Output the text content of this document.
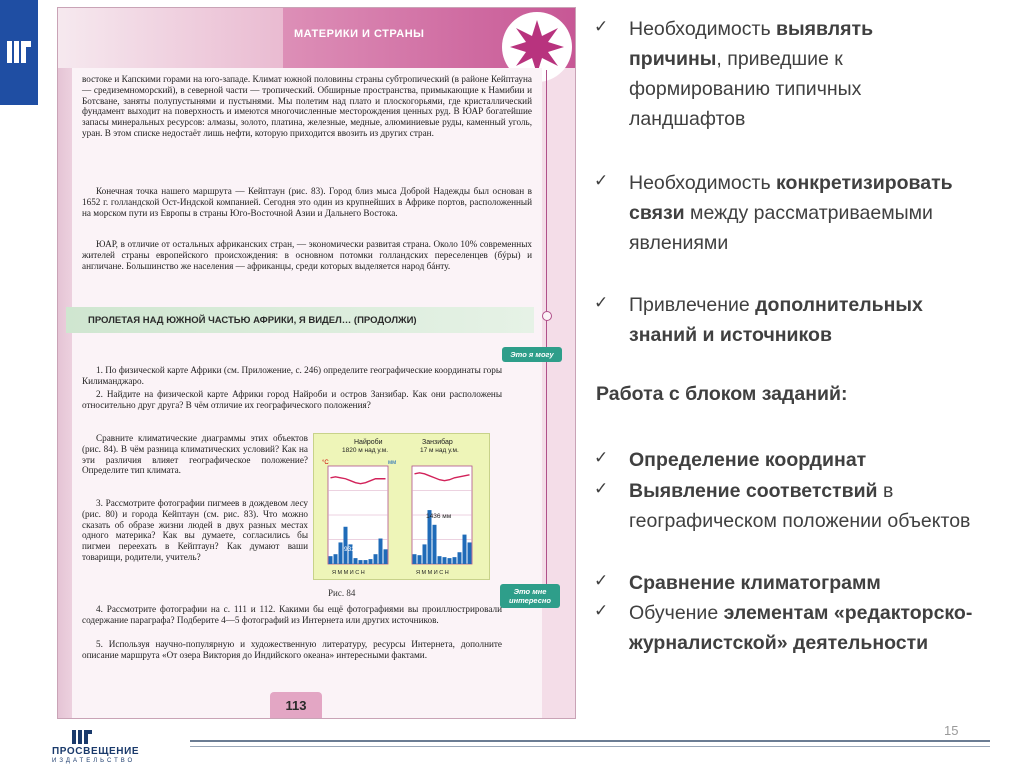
МАТЕРИКИ И СТРАНЫ
востоке и Капскими горами на юго-западе. Климат южной половины страны субтропический (в районе Кейптауна — средиземноморский), в северной части — тропический. Обширные пространства, примыкающие к Намибии и Ботсване, заняты полупустынями и пустынями. Мы полетим над плато и плоскогорьями, где кристаллический фундамент выходит на поверхность и имеются многочисленные месторождения ценных руд. В ЮАР богатейшие запасы минеральных ресурсов: алмазы, золото, платина, железные, медные, алюминиевые руды, каменный уголь, уран. В этом списке недостаёт лишь нефти, которую приходится ввозить из других стран.
Конечная точка нашего маршрута — Кейптаун (рис. 83). Город близ мыса Доброй Надежды был основан в 1652 г. голландской Ост-Индской компанией. Сегодня это один из крупнейших в Африке портов, расположенный на морском пути из Европы в страны Юго-Восточной Азии и Дальнего Востока.
ЮАР, в отличие от остальных африканских стран, — экономически развитая страна. Около 10% современных жителей страны европейского происхождения: в основном потомки голландских переселенцев (бýры) и англичане. Большинство же населения — африканцы, среди которых выделяется народ бáнту.
ПРОЛЕТАЯ НАД ЮЖНОЙ ЧАСТЬЮ АФРИКИ, Я ВИДЕЛ… (ПРОДОЛЖИ)
Это я могу
Это мне интересно
1. По физической карте Африки (см. Приложение, с. 246) определите географические координаты горы Килиманджаро.
2. Найдите на физической карте Африки город Найроби и остров Занзибар. Как они расположены относительно друг друга? В чём отличие их географического положения?
Сравните климатические диаграммы этих объектов (рис. 84). В чём разница климатических условий? Как на эти различия влияет географическое положение? Определите тип климата.
3. Рассмотрите фотографии пигмеев в дождевом лесу (рис. 80) и города Кейптаун (см. рис. 83). Что можно сказать об образе жизни людей в двух разных местах одного материка? Как вы думаете, согласились бы пигмеи переехать в Кейптаун? Как думают ваши товарищи, родители, учитель?
Найроби
1820 м над у.м.
Занзибар
17 м над у.м.
932 мм
1436 мм
°C	мм
Я М М И С Н	Я М М И С Н
Рис. 84
4. Рассмотрите фотографии на с. 111 и 112. Какими бы ещё фотографиями вы проиллюстрировали содержание параграфа? Подберите 4—5 фотографий из Интернета или других источников.
5. Используя научно-популярную и художественную литературу, ресурсы Интернета, дополните описание маршрута «От озера Виктория до Индийского океана» интересными фактами.
113
✓ Необходимость выявлять причины, приведшие к формированию типичных ландшафтов
✓ Необходимость конкретизировать связи между рассматриваемыми явлениями
✓ Привлечение дополнительных знаний и источников
Работа с блоком заданий:
✓ Определение координат
✓ Выявление соответствий в географическом положении объектов
✓ Сравнение климатограмм
✓ Обучение элементам «редакторско-журналистской» деятельности
ПРОСВЕЩЕНИЕ
ИЗДАТЕЛЬСТВО
15
